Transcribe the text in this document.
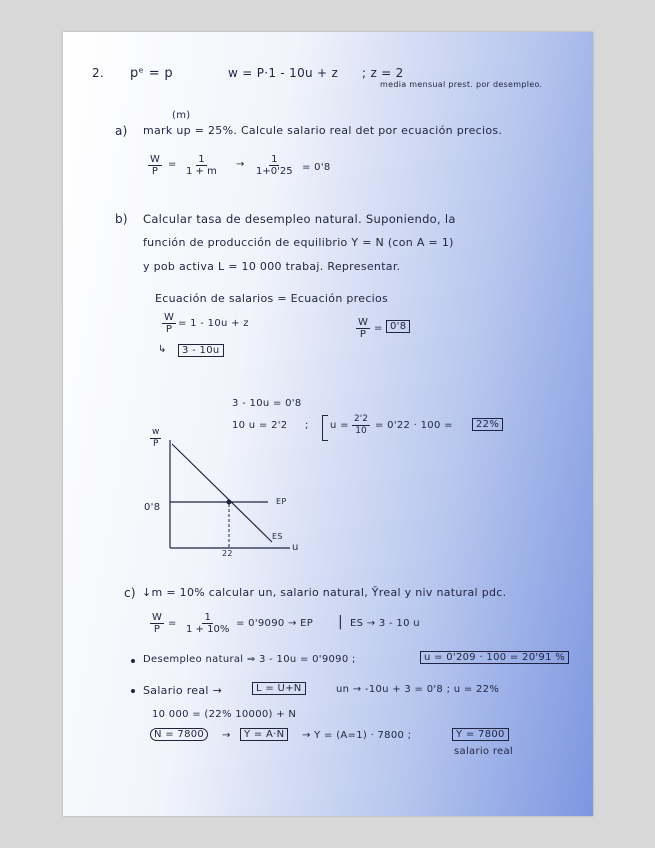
2. pᵉ = p	w = P·1 - 10u + z ; z = 2
media mensual prest. por desempleo.
(m)
a) mark up = 25%. Calcule salario real det por ecuación precios.
$\frac{W}{P} = \frac{1}{1 + m} \to \frac{1}{1+0'25} = 0'8$
b) Calcular tasa de desempleo natural. Suponiendo, la
función de producción de equilibrio Y = N (con A = 1)
y pob activa L = 10 000 trabaj. Representar.
Ecuación de salarios = Ecuación precios
$\frac{W}{P} = 1 - 10u + z$	$\frac{W}{P} = 0'8$
↳	3 - 10u
3 - 10u = 0'8
10 u = 2'2 ; $u = \frac{2'2}{10} = 0'22 \cdot 100$ =	22%
$\frac{w}{P}$
0'8
22
u
EP
ES
c) ↓m = 10% calcular un, salario natural, Ȳreal y niv natural pdc.
$\frac{W}{P} = \frac{1}{1 + 10\%} = 0'9090$ → EP | ES → 3 - 10 u
Desempleo natural ⇒ 3 - 10u = 0'9090 ;	u = 0'209 · 100 = 20'91 %
Salario real →	L = U+N	un → -10u + 3 = 0'8 ; u = 22%
10 000 = (22% 10000) + N
N = 7800	→	Y = A·N	→ Y = (A=1) · 7800 ;	Y = 7800
salario real
